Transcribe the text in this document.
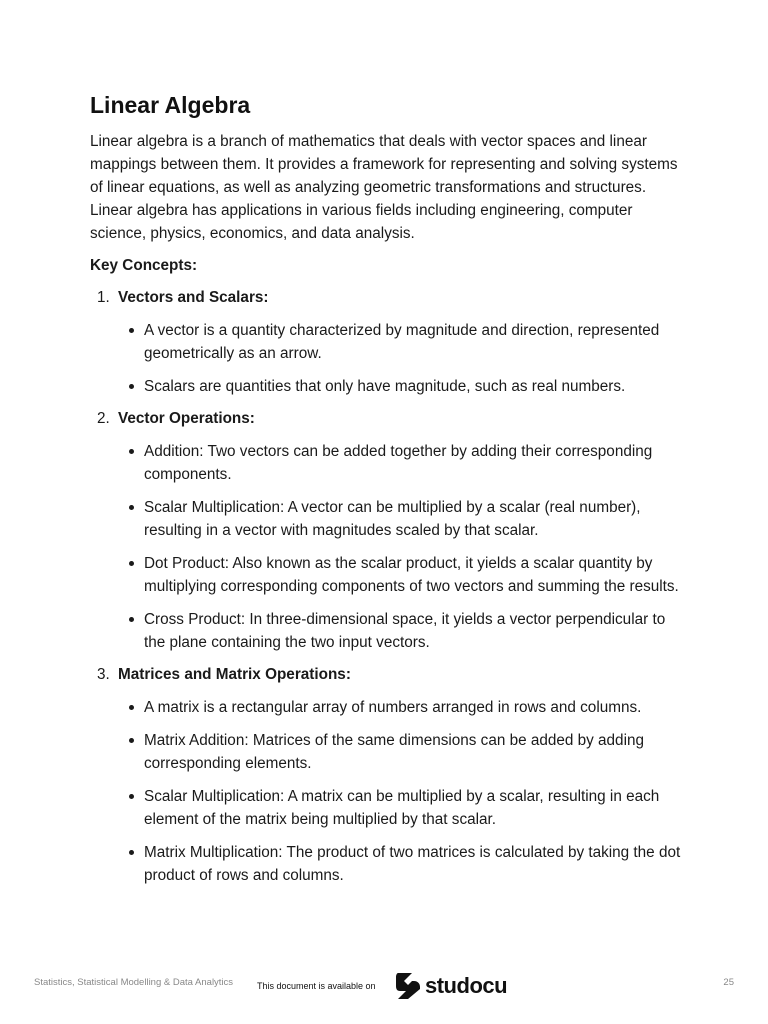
Linear Algebra

Linear algebra is a branch of mathematics that deals with vector spaces and linear mappings between them. It provides a framework for representing and solving systems of linear equations, as well as analyzing geometric transformations and structures. Linear algebra has applications in various fields including engineering, computer science, physics, economics, and data analysis.

Key Concepts:

1. Vectors and Scalars:
A vector is a quantity characterized by magnitude and direction, represented geometrically as an arrow.
Scalars are quantities that only have magnitude, such as real numbers.
2. Vector Operations:
Addition: Two vectors can be added together by adding their corresponding components.
Scalar Multiplication: A vector can be multiplied by a scalar (real number), resulting in a vector with magnitudes scaled by that scalar.
Dot Product: Also known as the scalar product, it yields a scalar quantity by multiplying corresponding components of two vectors and summing the results.
Cross Product: In three-dimensional space, it yields a vector perpendicular to the plane containing the two input vectors.
3. Matrices and Matrix Operations:
A matrix is a rectangular array of numbers arranged in rows and columns.
Matrix Addition: Matrices of the same dimensions can be added by adding corresponding elements.
Scalar Multiplication: A matrix can be multiplied by a scalar, resulting in each element of the matrix being multiplied by that scalar.
Matrix Multiplication: The product of two matrices is calculated by taking the dot product of rows and columns.
Statistics, Statistical Modelling & Data Analytics	This document is available on studocu	25
